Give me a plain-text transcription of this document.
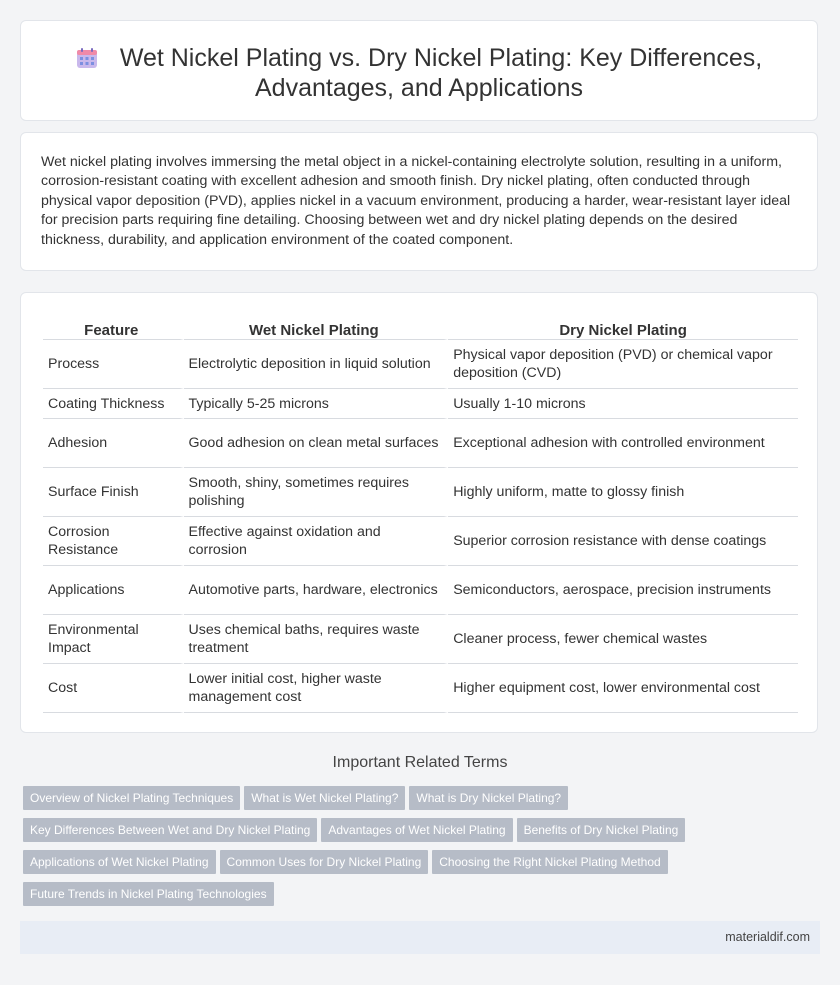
Wet Nickel Plating vs. Dry Nickel Plating: Key Differences, Advantages, and Applications
Wet nickel plating involves immersing the metal object in a nickel-containing electrolyte solution, resulting in a uniform, corrosion-resistant coating with excellent adhesion and smooth finish. Dry nickel plating, often conducted through physical vapor deposition (PVD), applies nickel in a vacuum environment, producing a harder, wear-resistant layer ideal for precision parts requiring fine detailing. Choosing between wet and dry nickel plating depends on the desired thickness, durability, and application environment of the coated component.
Feature	Wet Nickel Plating	Dry Nickel Plating
Process	Electrolytic deposition in liquid solution	Physical vapor deposition (PVD) or chemical vapor deposition (CVD)
Coating Thickness	Typically 5-25 microns	Usually 1-10 microns
Adhesion	Good adhesion on clean metal surfaces	Exceptional adhesion with controlled environment
Surface Finish	Smooth, shiny, sometimes requires polishing	Highly uniform, matte to glossy finish
Corrosion Resistance	Effective against oxidation and corrosion	Superior corrosion resistance with dense coatings
Applications	Automotive parts, hardware, electronics	Semiconductors, aerospace, precision instruments
Environmental Impact	Uses chemical baths, requires waste treatment	Cleaner process, fewer chemical wastes
Cost	Lower initial cost, higher waste management cost	Higher equipment cost, lower environmental cost
Important Related Terms
Overview of Nickel Plating Techniques What is Wet Nickel Plating? What is Dry Nickel Plating?
Key Differences Between Wet and Dry Nickel Plating Advantages of Wet Nickel Plating Benefits of Dry Nickel Plating
Applications of Wet Nickel Plating Common Uses for Dry Nickel Plating Choosing the Right Nickel Plating Method
Future Trends in Nickel Plating Technologies
materialdif.com
